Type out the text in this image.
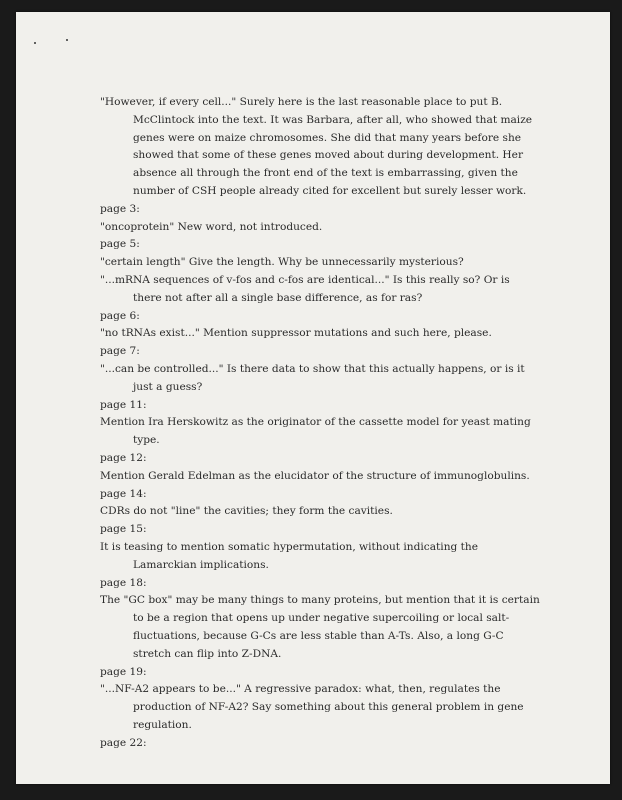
"However, if every cell..." Surely here is the last reasonable place to put B. McClintock into the text. It was Barbara, after all, who showed that maize genes were on maize chromosomes. She did that many years before she showed that some of these genes moved about during development. Her absence all through the front end of the text is embarrassing, given the number of CSH people already cited for excellent but surely lesser work.

page 3:

"oncoprotein" New word, not introduced.

page 5:

"certain length" Give the length. Why be unnecessarily mysterious?

"...mRNA sequences of v-fos and c-fos are identical..." Is this really so? Or is there not after all a single base difference, as for ras?

page 6:

"no tRNAs exist..." Mention suppressor mutations and such here, please.

page 7:

"...can be controlled..." Is there data to show that this actually happens, or is it just a guess?

page 11:

Mention Ira Herskowitz as the originator of the cassette model for yeast mating type.

page 12:

Mention Gerald Edelman as the elucidator of the structure of immunoglobulins.

page 14:

CDRs do not "line" the cavities; they form the cavities.

page 15:

It is teasing to mention somatic hypermutation, without indicating the Lamarckian implications.

page 18:

The "GC box" may be many things to many proteins, but mention that it is certain to be a region that opens up under negative supercoiling or local salt-fluctuations, because G-Cs are less stable than A-Ts. Also, a long G-C stretch can flip into Z-DNA.

page 19:

"...NF-A2 appears to be..." A regressive paradox: what, then, regulates the production of NF-A2? Say something about this general problem in gene regulation.

page 22:
